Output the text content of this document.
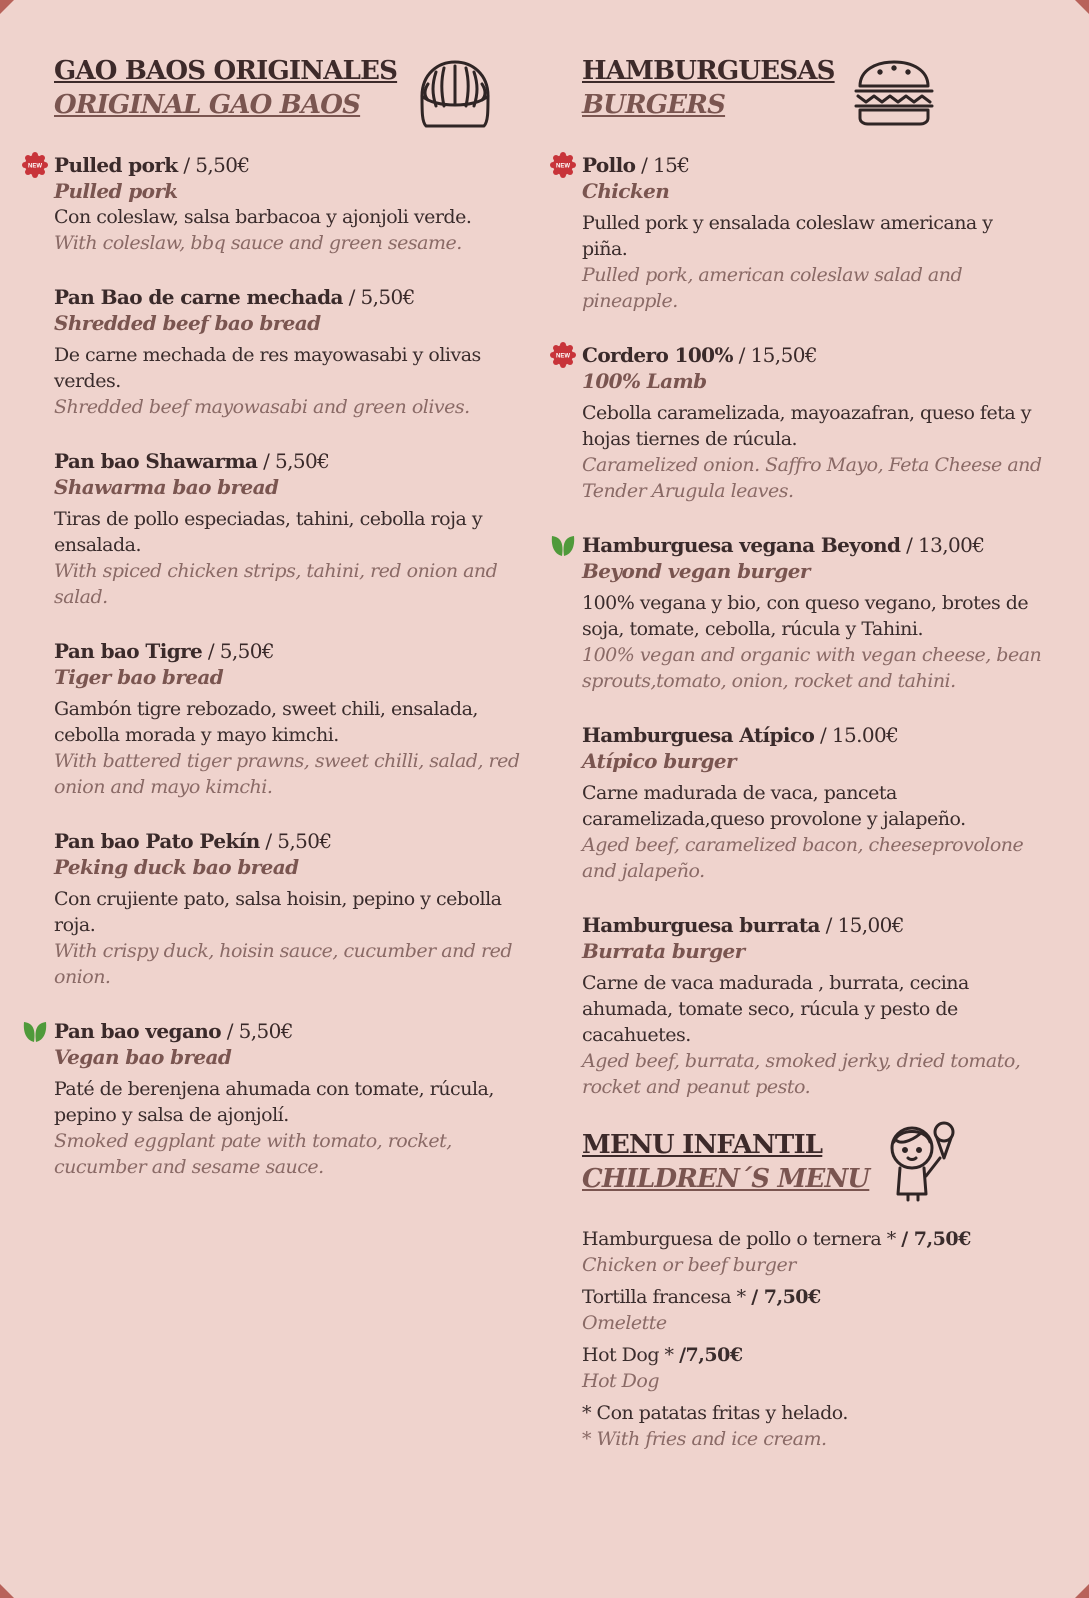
GAO BAOS ORIGINALES
ORIGINAL GAO BAOS
NEW Pulled pork / 5,50€
Pulled pork
Con coleslaw, salsa barbacoa y ajonjoli verde.
With coleslaw, bbq sauce and green sesame.
Pan Bao de carne mechada / 5,50€
Shredded beef bao bread
De carne mechada de res mayowasabi y olivas verdes.
Shredded beef mayowasabi and green olives.
Pan bao Shawarma / 5,50€
Shawarma bao bread
Tiras de pollo especiadas, tahini, cebolla roja y ensalada.
With spiced chicken strips, tahini, red onion and salad.
Pan bao Tigre / 5,50€
Tiger bao bread
Gambón tigre rebozado, sweet chili, ensalada, cebolla morada y mayo kimchi.
With battered tiger prawns, sweet chilli, salad, red onion and mayo kimchi.
Pan bao Pato Pekín / 5,50€
Peking duck bao bread
Con crujiente pato, salsa hoisin, pepino y cebolla roja.
With crispy duck, hoisin sauce, cucumber and red onion.
Pan bao vegano / 5,50€
Vegan bao bread
Paté de berenjena ahumada con tomate, rúcula, pepino y salsa de ajonjolí.
Smoked eggplant pate with tomato, rocket, cucumber and sesame sauce.
HAMBURGUESAS
BURGERS
NEW Pollo / 15€
Chicken
Pulled pork y ensalada coleslaw americana y piña.
Pulled pork, american coleslaw salad and pineapple.
NEW Cordero 100% / 15,50€
100% Lamb
Cebolla caramelizada, mayoazafran, queso feta y hojas tiernes de rúcula.
Caramelized onion. Saffro Mayo, Feta Cheese and Tender Arugula leaves.
Hamburguesa vegana Beyond / 13,00€
Beyond vegan burger
100% vegana y bio, con queso vegano, brotes de soja, tomate, cebolla, rúcula y Tahini.
100% vegan and organic with vegan cheese, bean sprouts,tomato, onion, rocket and tahini.
Hamburguesa Atípico / 15.00€
Atípico burger
Carne madurada de vaca, panceta caramelizada,queso provolone y jalapeño.
Aged beef, caramelized bacon, cheeseprovolone and jalapeño.
Hamburguesa burrata / 15,00€
Burrata burger
Carne de vaca madurada , burrata, cecina ahumada, tomate seco, rúcula y pesto de cacahuetes.
Aged beef, burrata, smoked jerky, dried tomato, rocket and peanut pesto.
MENU INFANTIL
CHILDREN´S MENU
Hamburguesa de pollo o ternera * / 7,50€
Chicken or beef burger
Tortilla francesa * / 7,50€
Omelette
Hot Dog * /7,50€
Hot Dog
* Con patatas fritas y helado.
* With fries and ice cream.
